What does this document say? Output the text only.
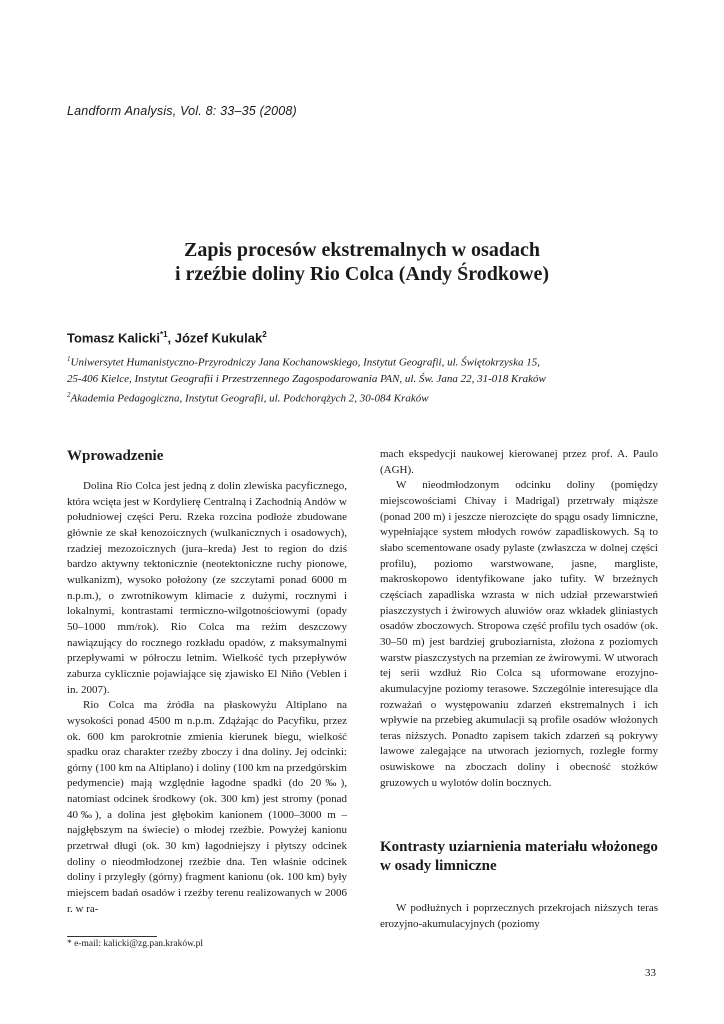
Landform Analysis, Vol. 8: 33–35 (2008)
Zapis procesów ekstremalnych w osadach
i rzeźbie doliny Rio Colca (Andy Środkowe)
Tomasz Kalicki$^{*1}$, Józef Kukulak$^2$
$^1$Uniwersytet Humanistyczno-Przyrodniczy Jana Kochanowskiego, Instytut Geografii, ul. Świętokrzyska 15,
25-406 Kielce, Instytut Geografii i Przestrzennego Zagospodarowania PAN, ul. Św. Jana 22, 31-018 Kraków
$^2$Akademia Pedagogiczna, Instytut Geografii, ul. Podchorążych 2, 30-084 Kraków
Wprowadzenie

Dolina Rio Colca jest jedną z dolin zlewiska pacyficznego, która wcięta jest w Kordylierę Centralną i Zachodnią Andów w południowej części Peru. Rzeka rozcina podłoże zbudowane głównie ze skał kenozoicznych (wulkanicznych i osadowych), rzadziej mezozoicznych (jura–kreda) Jest to region do dziś bardzo aktywny tektonicznie (neotektoniczne ruchy pionowe, wulkanizm), wysoko położony (ze szczytami ponad 6000 m n.p.m.), o zwrotnikowym klimacie z dużymi, rocznymi i lokalnymi, kontrastami termiczno-wilgotnościowymi (opady 50–1000 mm/rok). Rio Colca ma reżim deszczowy nawiązujący do rocznego rozkładu opadów, z maksymalnymi przepływami w półroczu letnim. Wielkość tych przepływów zaburza cyklicznie pojawiające się zjawisko El Niño (Veblen i in. 2007).

Rio Colca ma źródła na płaskowyżu Altiplano na wysokości ponad 4500 m n.p.m. Zdążając do Pacyfiku, przez ok. 600 km parokrotnie zmienia kierunek biegu, wielkość spadku oraz charakter rzeźby zboczy i dna doliny. Jej odcinki: górny (100 km na Altiplano) i doliny (100 km na przedgórskim pedymencie) mają względnie łagodne spadki (do 20‰), natomiast odcinek środkowy (ok. 300 km) jest stromy (ponad 40‰), a dolina jest głębokim kanionem (1000–3000 m – najgłębszym na świecie) o młodej rzeźbie. Powyżej kanionu przetrwał długi (ok. 30 km) łagodniejszy i płytszy odcinek doliny o nieodmłodzonej rzeźbie dna. Ten właśnie odcinek doliny i przyległy (górny) fragment kanionu (ok. 100 km) były miejscem badań osadów i rzeźby terenu realizowanych w 2006 r. w ra-

mach ekspedycji naukowej kierowanej przez prof. A. Paulo (AGH).

W nieodmłodzonym odcinku doliny (pomiędzy miejscowościami Chivay i Madrigal) przetrwały miąższe (ponad 200 m) i jeszcze nierozcięte do spągu osady limniczne, wypełniające system młodych rowów zapadliskowych. Są to słabo scementowane osady pylaste (zwłaszcza w dolnej części profilu), poziomo warstwowane, jasne, margliste, makroskopowo identyfikowane jako tufity. W brzeżnych częściach zapadliska wzrasta w nich udział przewarstwień piaszczystych i żwirowych aluwiów oraz wkładek gliniastych osadów zboczowych. Stropowa część profilu tych osadów (ok. 30–50 m) jest bardziej gruboziarnista, złożona z poziomych warstw piaszczystych na przemian ze żwirowymi. W utworach tej serii wzdłuż Rio Colca są uformowane erozyjno-akumulacyjne poziomy terasowe. Szczególnie interesujące dla rozważań o występowaniu zdarzeń ekstremalnych i ich wpływie na przebieg akumulacji są profile osadów włożonych teras niższych. Ponadto zapisem takich zdarzeń są pokrywy lawowe zalegające na utworach jeziornych, rozległe formy osuwiskowe na zboczach doliny i obecność stożków gruzowych u wylotów dolin bocznych.

Kontrasty uziarnienia materiału włożonego w osady limniczne

W podłużnych i poprzecznych przekrojach niższych teras erozyjno-akumulacyjnych (poziomy

* e-mail: kalicki@zg.pan.kraków.pl
33
